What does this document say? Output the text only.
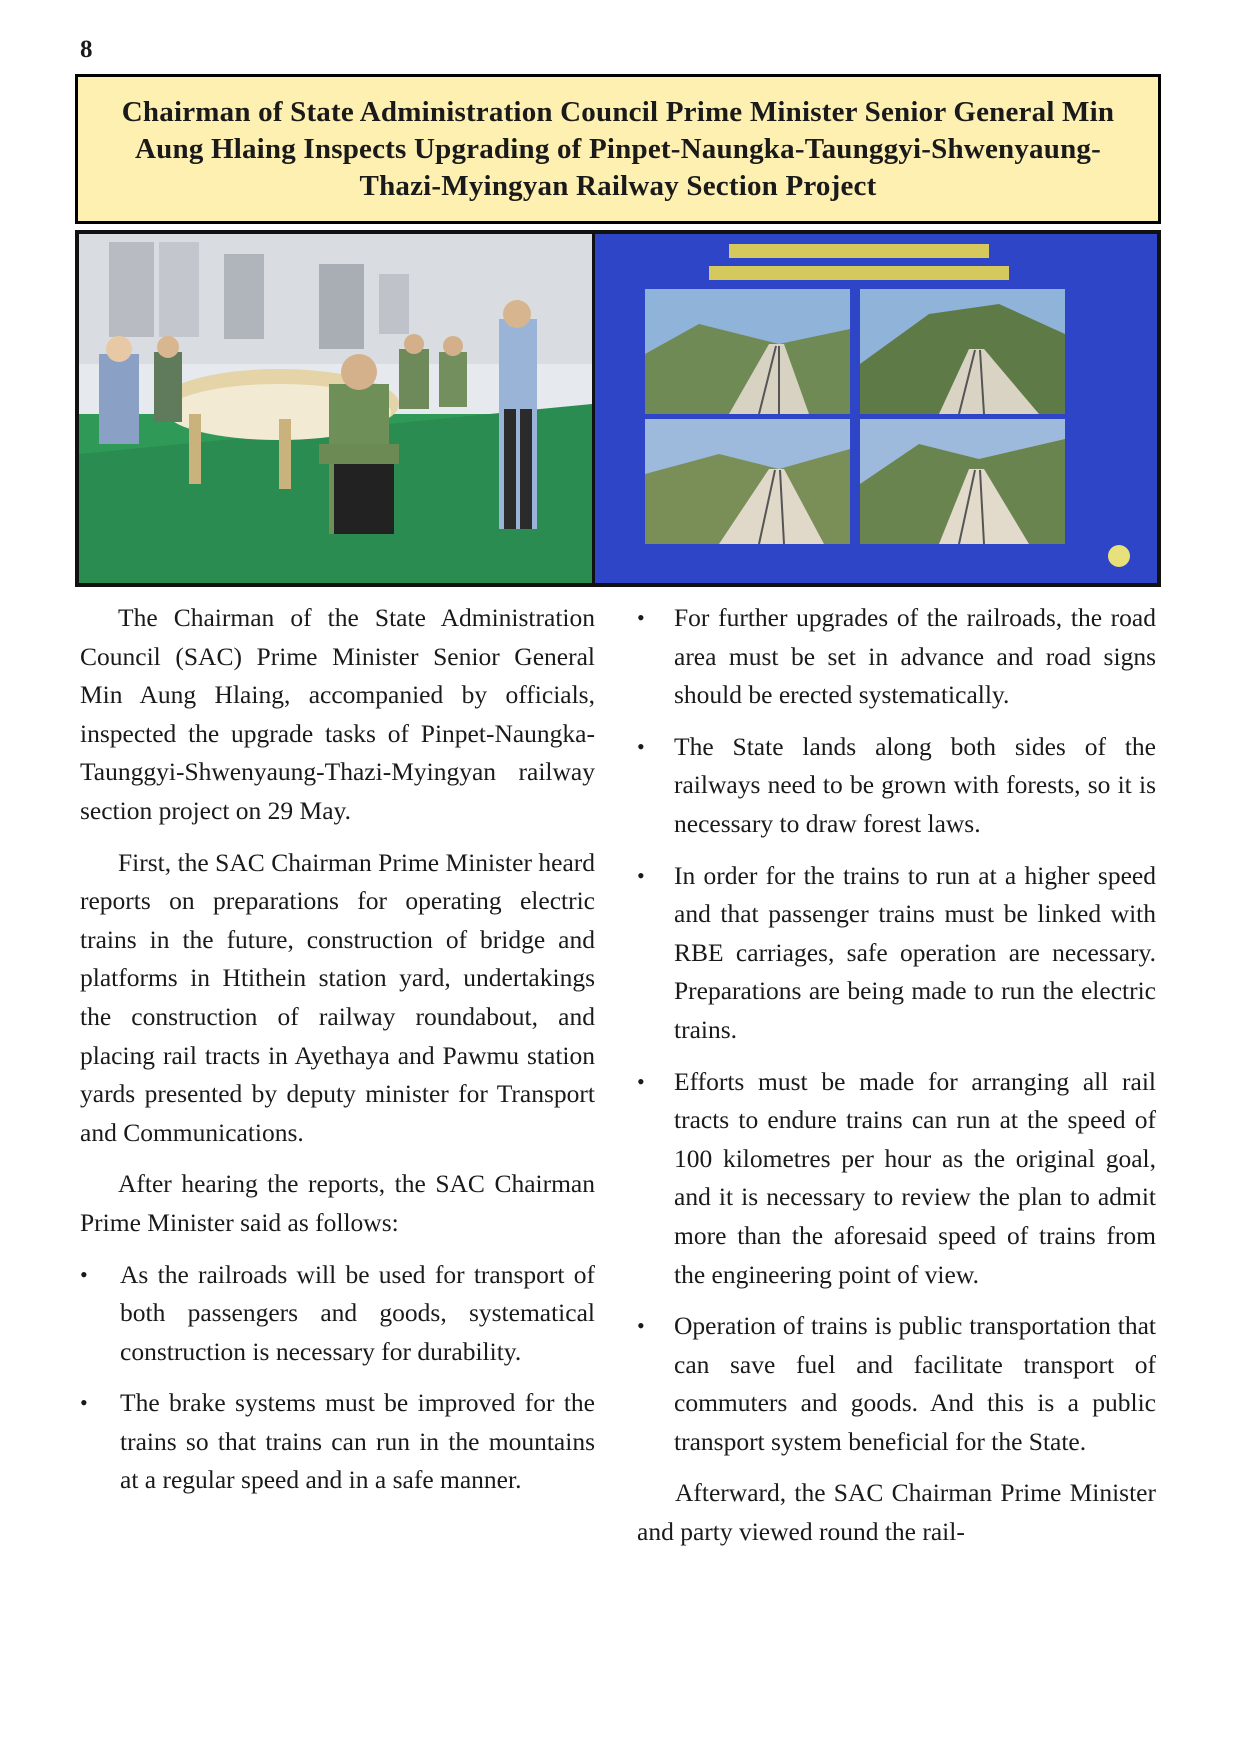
8
Chairman of State Administration Council Prime Minister Senior General Min Aung Hlaing Inspects Upgrading of Pinpet-Naungka-Taunggyi-Shwenyaung-Thazi-Myingyan Railway Section Project

The Chairman of the State Administration Council (SAC) Prime Minister Senior General Min Aung Hlaing, accompanied by officials, inspected the upgrade tasks of Pinpet-Naungka-Taunggyi-Shwenyaung-Thazi-Myingyan railway section project on 29 May.

First, the SAC Chairman Prime Minister heard reports on preparations for operating electric trains in the future, construction of bridge and platforms in Htithein station yard, undertakings the construction of railway roundabout, and placing rail tracts in Ayethaya and Pawmu station yards presented by deputy minister for Transport and Communications.

After hearing the reports, the SAC Chairman Prime Minister said as follows:

• As the railroads will be used for transport of both passengers and goods, systematical construction is necessary for durability.
• The brake systems must be improved for the trains so that trains can run in the mountains at a regular speed and in a safe manner.
• For further upgrades of the railroads, the road area must be set in advance and road signs should be erected systematically.
• The State lands along both sides of the railways need to be grown with forests, so it is necessary to draw forest laws.
• In order for the trains to run at a higher speed and that passenger trains must be linked with RBE carriages, safe operation are necessary. Preparations are being made to run the electric trains.
• Efforts must be made for arranging all rail tracts to endure trains can run at the speed of 100 kilometres per hour as the original goal, and it is necessary to review the plan to admit more than the aforesaid speed of trains from the engineering point of view.
• Operation of trains is public transportation that can save fuel and facilitate transport of commuters and goods. And this is a public transport system beneficial for the State.

Afterward, the SAC Chairman Prime Minister and party viewed round the rail-
